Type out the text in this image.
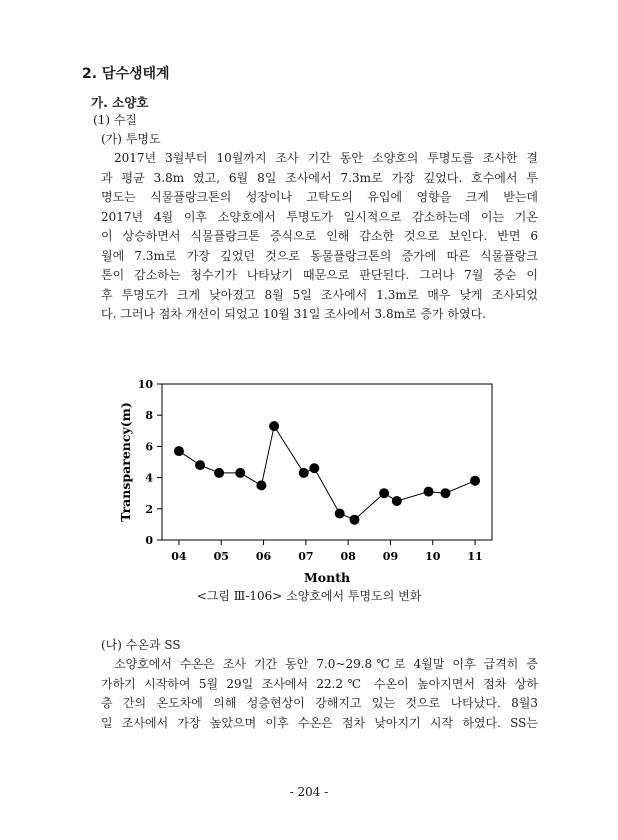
2. 담수생태계
가. 소양호
(1) 수질
(가) 투명도
2017년 3월부터 10월까지 조사 기간 동안 소양호의 투명도를 조사한 결
과 평균 3.8m 였고, 6월 8일 조사에서 7.3m로 가장 깊었다. 호수에서 투
명도는 식물플랑크톤의 성장이나 고탁도의 유입에 영향을 크게 받는데
2017년 4월 이후 소양호에서 투명도가 일시적으로 감소하는데 이는 기온
이 상승하면서 식물플랑크톤 증식으로 인해 감소한 것으로 보인다. 반면 6
월에 7.3m로 가장 깊었던 것으로 동물플랑크톤의 증가에 따른 식물플랑크
톤이 감소하는 청수기가 나타났기 때문으로 판단된다. 그러나 7월 중순 이
후 투명도가 크게 낮아졌고 8월 5일 조사에서 1.3m로 매우 낮게 조사되었
다. 그러나 점차 개선이 되었고 10월 31일 조사에서 3.8m로 증가 하였다.
0
2
4
6
8
10
04 05 06 07 08 09 10 11
Month
Transparency(m)
<그림 Ⅲ-106> 소양호에서 투명도의 변화
(나) 수온과 SS
소양호에서 수온은 조사 기간 동안 7.0~29.8℃로 4월말 이후 급격히 증
가하기 시작하여 5월 29일 조사에서 22.2℃ 수온이 높아지면서 점차 상하
층 간의 온도차에 의해 성층현상이 강해지고 있는 것으로 나타났다. 8월3
일 조사에서 가장 높았으며 이후 수온은 점차 낮아지기 시작 하였다. SS는
- 204 -
